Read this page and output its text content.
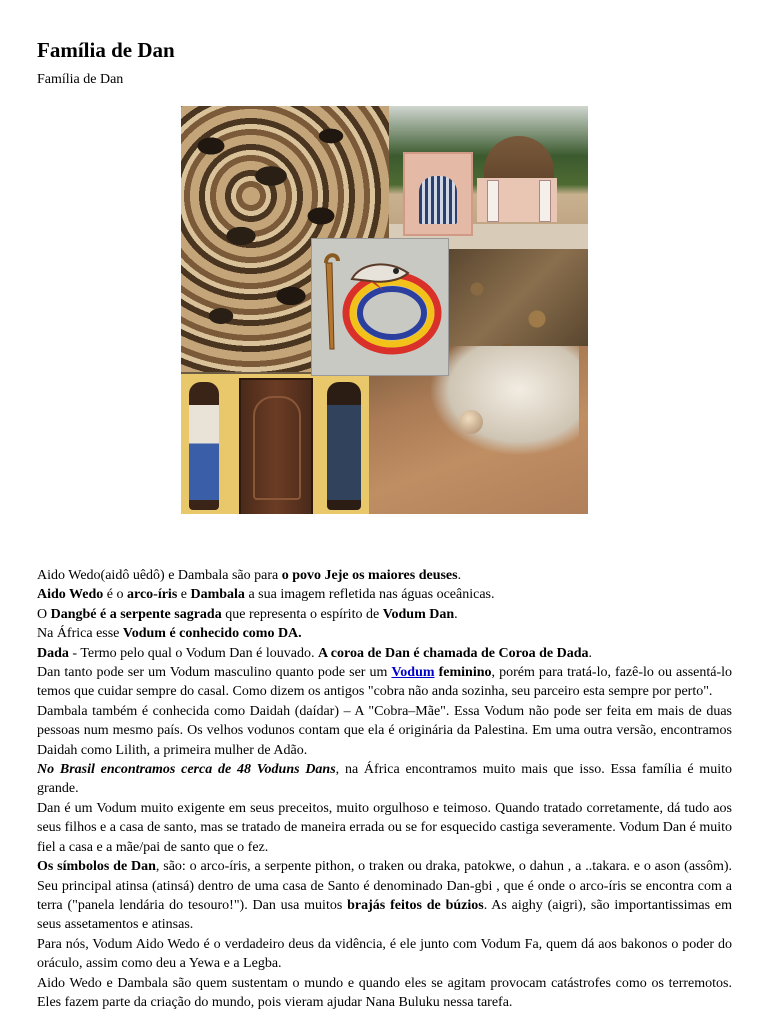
Família de Dan

Família de Dan

Aido Wedo(aidô uêdô) e Dambala são para o povo Jeje os maiores deuses.

Aido Wedo é o arco-íris e Dambala a sua imagem refletida nas águas oceânicas.

O Dangbé é a serpente sagrada que representa o espírito de Vodum Dan.

Na África esse Vodum é conhecido como DA.

Dada - Termo pelo qual o Vodum Dan é louvado. A coroa de Dan é chamada de Coroa de Dada.

Dan tanto pode ser um Vodum masculino quanto pode ser um Vodum feminino, porém para tratá-lo, fazê-lo ou assentá-lo temos que cuidar sempre do casal. Como dizem os antigos "cobra não anda sozinha, seu parceiro esta sempre por perto".

Dambala também é conhecida como Daidah (daídar) – A "Cobra–Mãe". Essa Vodum não pode ser feita em mais de duas pessoas num mesmo país. Os velhos vodunos contam que ela é originária da Palestina. Em uma outra versão, encontramos Daidah como Lilith, a primeira mulher de Adão.

No Brasil encontramos cerca de 48 Voduns Dans, na África encontramos muito mais que isso. Essa família é muito grande.

Dan é um Vodum muito exigente em seus preceitos, muito orgulhoso e teimoso. Quando tratado corretamente, dá tudo aos seus filhos e a casa de santo, mas se tratado de maneira errada ou se for esquecido castiga severamente. Vodum Dan é muito fiel a casa e a mãe/pai de santo que o fez.

Os símbolos de Dan, são: o arco-íris, a serpente pithon, o traken ou draka, patokwe, o dahun , a ..takara. e o ason (assôm). Seu principal atinsa (atinsá) dentro de uma casa de Santo é denominado Dan-gbi , que é onde o arco-íris se encontra com a terra ("panela lendária do tesouro!"). Dan usa muitos brajás feitos de búzios. As aighy (aigri), são importantissimas em seus assetamentos e atinsas.

Para nós, Vodum Aido Wedo é o verdadeiro deus da vidência, é ele junto com Vodum Fa, quem dá aos bakonos o poder do oráculo, assim como deu a Yewa e a Legba.

Aido Wedo e Dambala são quem sustentam o mundo e quando eles se agitam provocam catástrofes como os terremotos. Eles fazem parte da criação do mundo, pois vieram ajudar Nana Buluku nessa tarefa.
